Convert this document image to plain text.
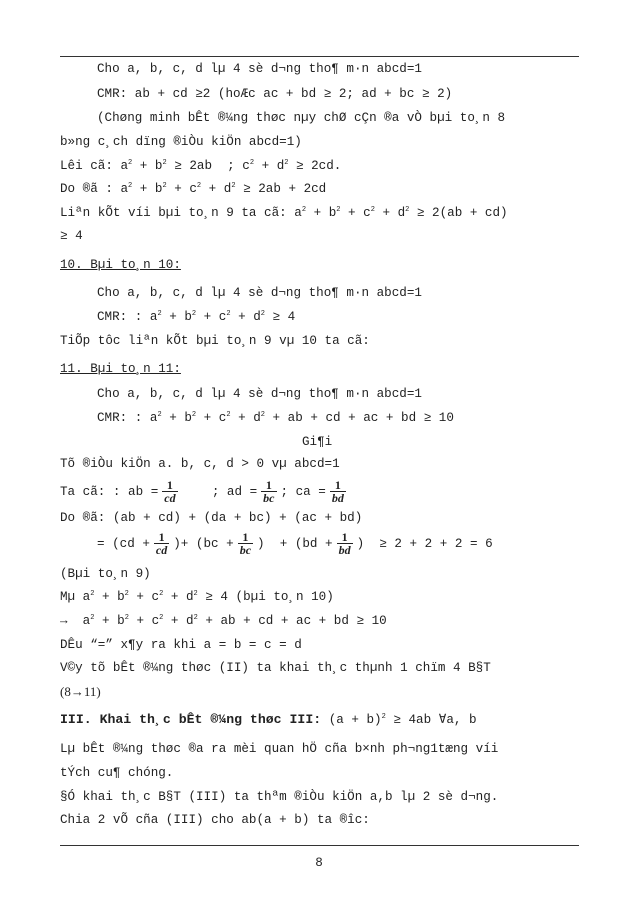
Cho a, b, c, d lµ 4 sè d¬ng tho¶ m·n abcd=1
CMR: ab + cd ≥2 (hoÆc ac + bd ≥ 2; ad + bc ≥ 2)
(Chøng minh bÊt ®¼ng thøc nµy chØ cÇn ®a vÒ bµi to¸n 8
b»ng c¸ch dïng ®iÒu kiÖn abcd=1)
Lêi cã: $a^2 + b^2 \ge 2ab$  ; $c^2 + d^2 \ge 2cd$.
Do ®ã : $a^2 + b^2 + c^2 + d^2 \ge 2ab + 2cd$
Liªn kÕt víi bµi to¸n 9 ta cã: $a^2 + b^2 + c^2 + d^2 \ge 2(ab + cd)$
≥ 4
10. Bµi to¸n 10:
Cho a, b, c, d lµ 4 sè d¬ng tho¶ m·n abcd=1
CMR: : $a^2 + b^2 + c^2 + d^2 \ge 4$
TiÕp tôc liªn kÕt bµi to¸n 9 vµ 10 ta cã:
11. Bµi to¸n 11:
Cho a, b, c, d lµ 4 sè d¬ng tho¶ m·n abcd=1
CMR: : $a^2 + b^2 + c^2 + d^2$ + ab + cd + ac + bd ≥ 10
Gi¶i
Tõ ®iÒu kiÖn a. b, c, d > 0 vµ abcd=1
Ta cã: : ab = $\frac{1}{cd}$	; ad = $\frac{1}{bc}$ ; ca = $\frac{1}{bd}$
Do ®ã: (ab + cd) + (da + bc) + (ac + bd)
= ($cd + \frac{1}{cd}$ )+ ($bc + \frac{1}{bc}$ )  + ($bd + \frac{1}{bd}$ )  ≥ 2 + 2 + 2 = 6
(Bµi to¸n 9)
Mµ $a^2 + b^2 + c^2 + d^2 \ge 4$ (bµi to¸n 10)
→  $a^2 + b^2 + c^2 + d^2$ + ab + cd + ac + bd ≥ 10
DÊu “=” x¶y ra khi a = b = c = d
V©y tõ bÊt ®¼ng thøc (II) ta khai th¸c thµnh 1 chïm 4 B§T
(8→11)
III. Khai th¸c bÊt ®¼ng thøc III: $(a + b)^2 \ge 4ab$ ∀a, b
Lµ bÊt ®¼ng thøc ®a ra mèi quan hÖ cña b×nh ph¬ng1tæng víi
tÝch cu¶ chóng.
§Ó khai th¸c B§T (III) ta thªm ®iÒu kiÖn a,b lµ 2 sè d¬ng.
Chia 2 vÕ cña (III) cho ab(a + b) ta ®îc:
8
